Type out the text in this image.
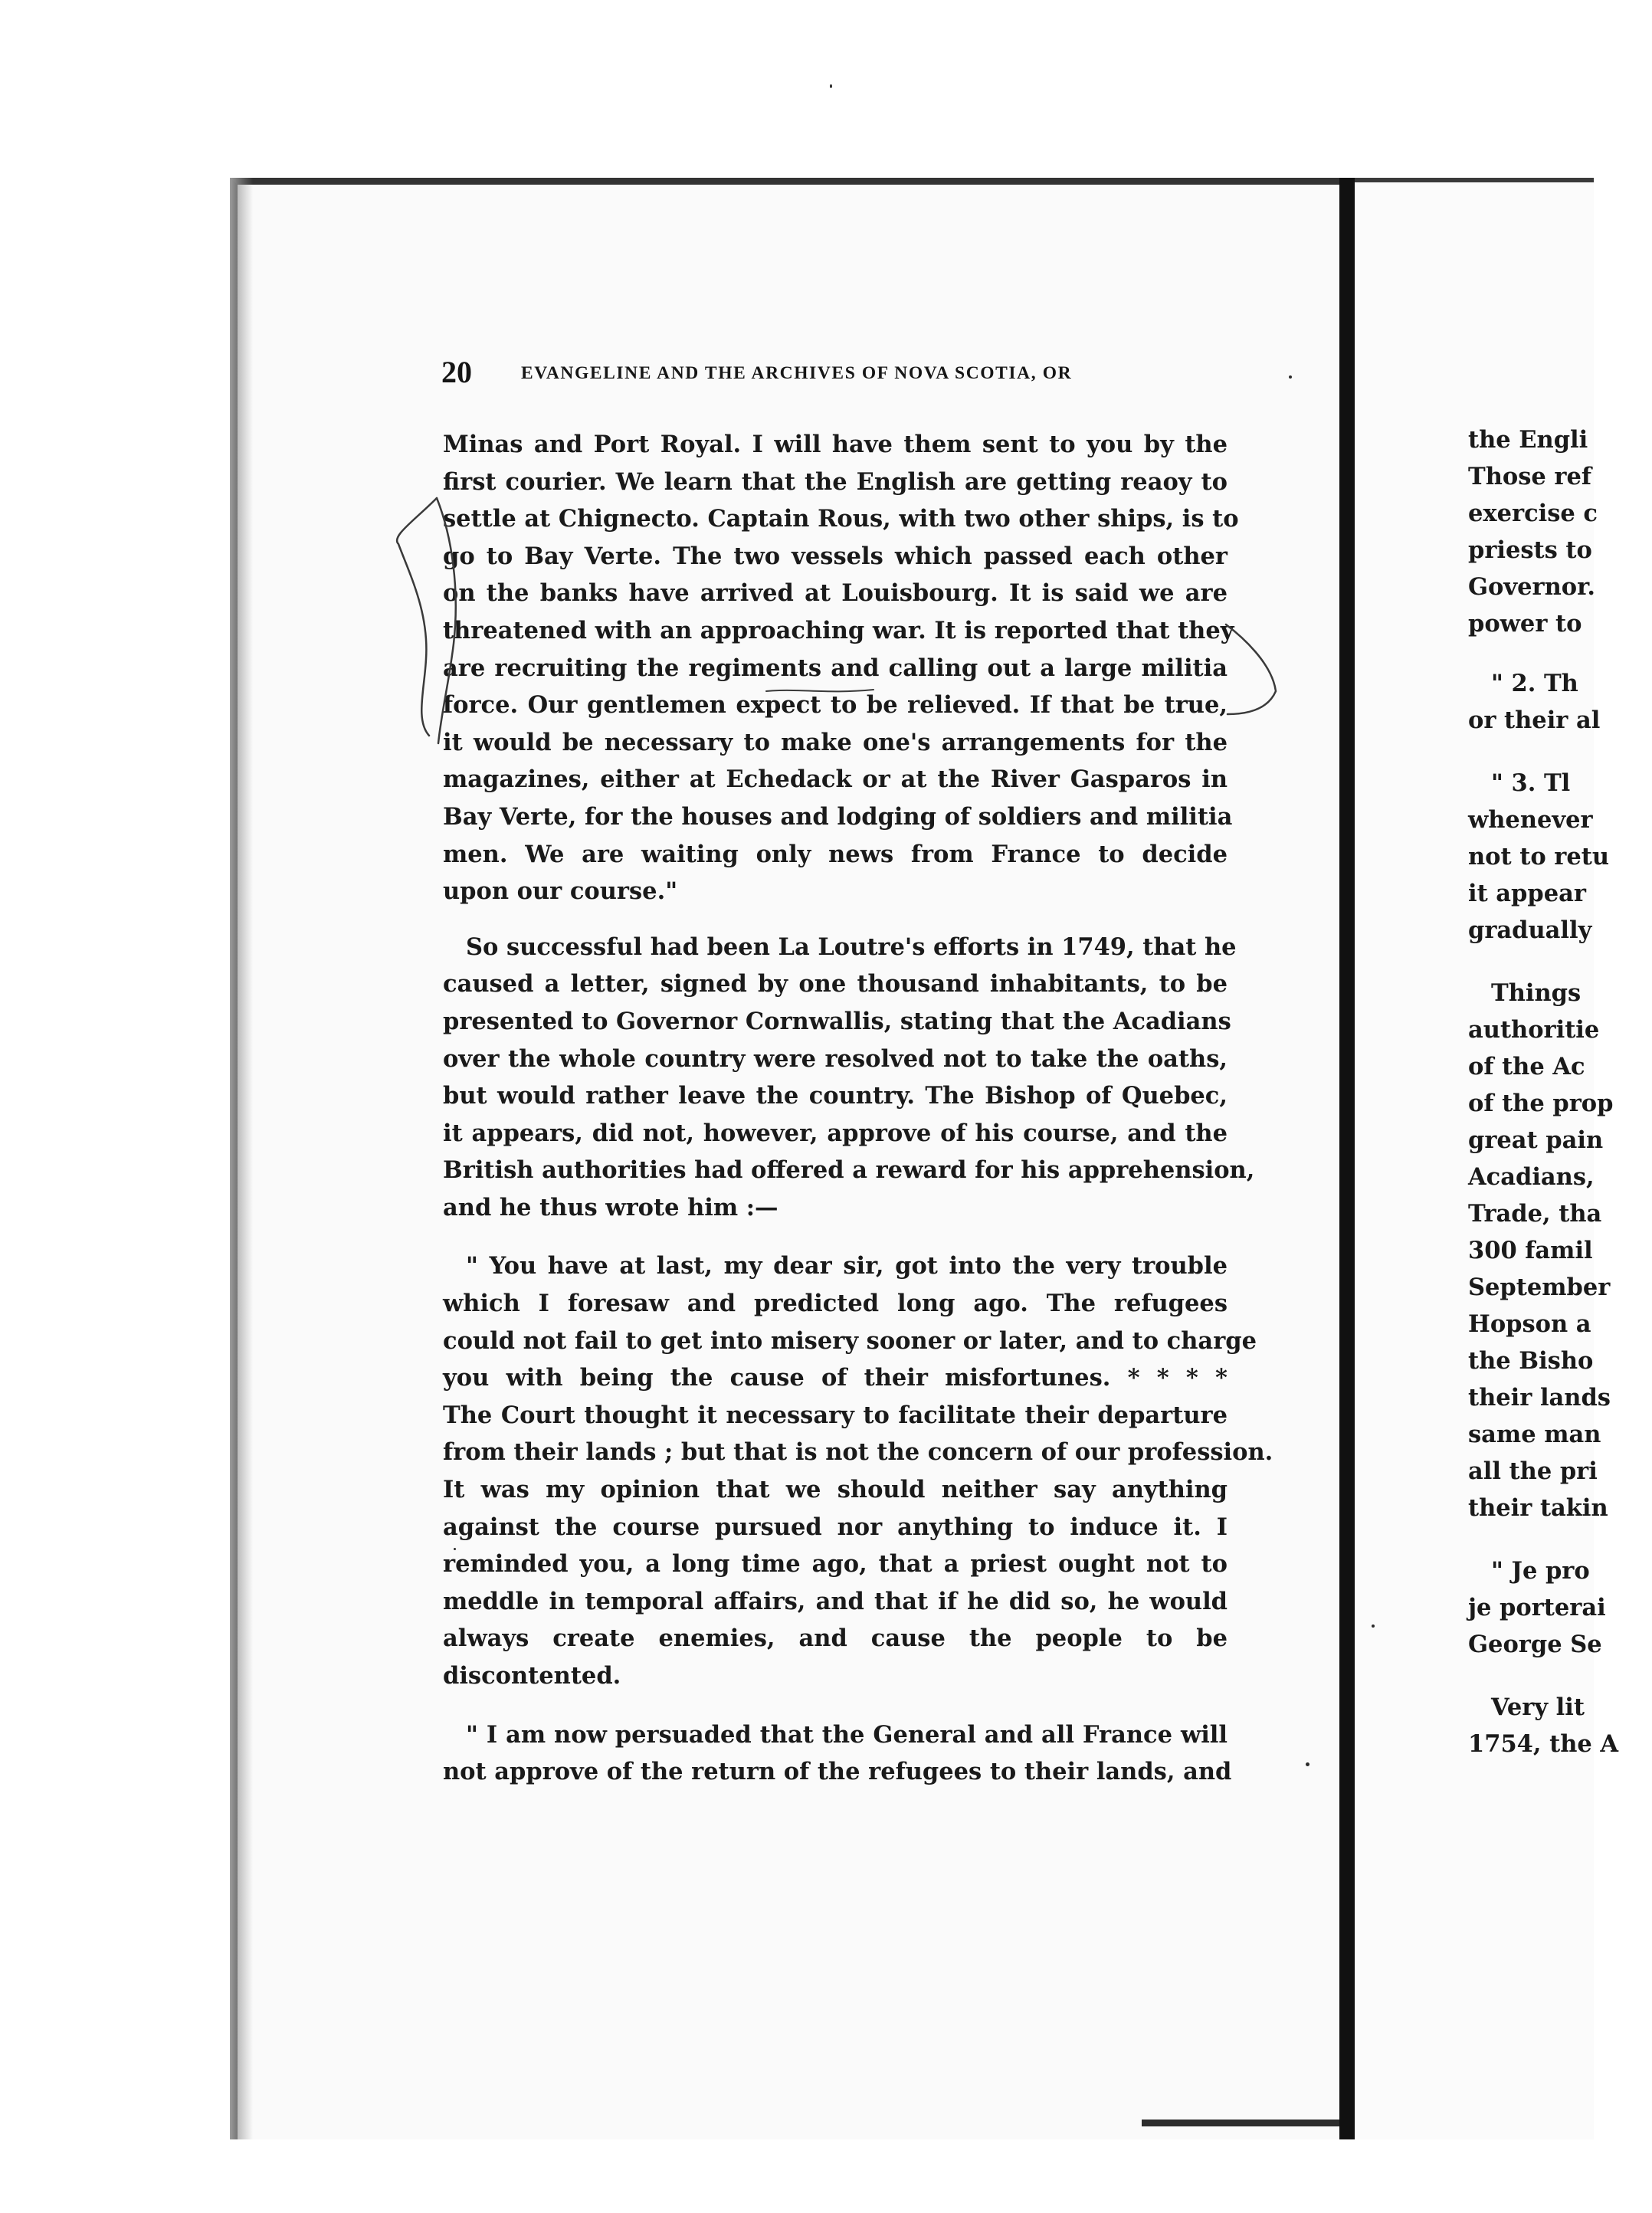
20	EVANGELINE AND THE ARCHIVES OF NOVA SCOTIA, OR
Minas and Port Royal. I will have them sent to you by the
first courier. We learn that the English are getting reaoy to
settle at Chignecto. Captain Rous, with two other ships, is to
go to Bay Verte. The two vessels which passed each other
on the banks have arrived at Louisbourg. It is said we are
threatened with an approaching war. It is reported that they
are recruiting the regiments and calling out a large militia
force. Our gentlemen expect to be relieved. If that be true,
it would be necessary to make one's arrangements for the
magazines, either at Echedack or at the River Gasparos in
Bay Verte, for the houses and lodging of soldiers and militia
men. We are waiting only news from France to decide
upon our course."
So successful had been La Loutre's efforts in 1749, that he
caused a letter, signed by one thousand inhabitants, to be
presented to Governor Cornwallis, stating that the Acadians
over the whole country were resolved not to take the oaths,
but would rather leave the country. The Bishop of Quebec,
it appears, did not, however, approve of his course, and the
British authorities had offered a reward for his apprehension,
and he thus wrote him :—
" You have at last, my dear sir, got into the very trouble
which I foresaw and predicted long ago. The refugees
could not fail to get into misery sooner or later, and to charge
you with being the cause of their misfortunes. * * * *
The Court thought it necessary to facilitate their departure
from their lands ; but that is not the concern of our profession.
It was my opinion that we should neither say anything
against the course pursued nor anything to induce it. I
reminded you, a long time ago, that a priest ought not to
meddle in temporal affairs, and that if he did so, he would
always create enemies, and cause the people to be
discontented.
" I am now persuaded that the General and all France will
not approve of the return of the refugees to their lands, and
the Engli
Those ref
exercise c
priests to
Governor.
power to
" 2. Th
or their al
" 3. Tl
whenever
not to retu
it appear
gradually
Things
authoritie
of the Ac
of the prop
great pain
Acadians,
Trade, tha
300 famil
September
Hopson a
the Bisho
their lands
same man
all the pri
their takin
" Je pro
je porterai
George Se
Very lit
1754, the A
